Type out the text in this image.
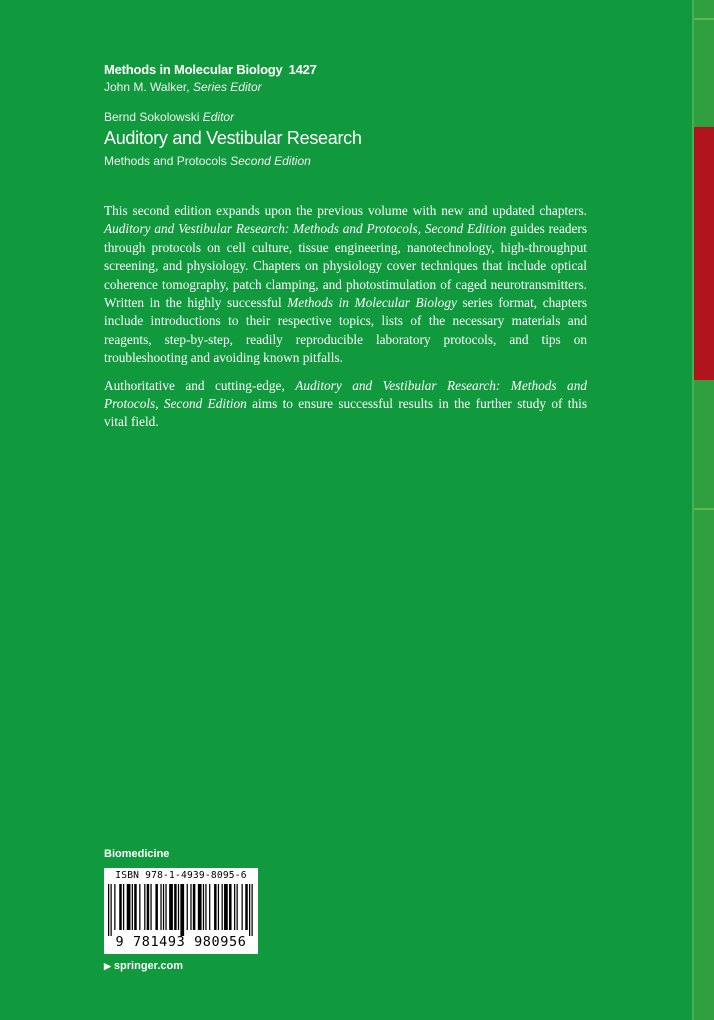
Methods in Molecular Biology 1427
John M. Walker, Series Editor
Bernd Sokolowski Editor
Auditory and Vestibular Research
Methods and Protocols Second Edition

This second edition expands upon the previous volume with new and updated chapters. Auditory and Vestibular Research: Methods and Protocols, Second Edition guides readers through protocols on cell culture, tissue engineering, nanotechnology, high-throughput screening, and physiology. Chapters on physiology cover techniques that include optical coherence tomography, patch clamping, and photostimulation of caged neurotransmitters. Written in the highly successful Methods in Molecular Biology series format, chapters include introductions to their respective topics, lists of the necessary materials and reagents, step-by-step, readily reproducible laboratory protocols, and tips on troubleshooting and avoiding known pitfalls.

Authoritative and cutting-edge, Auditory and Vestibular Research: Methods and Protocols, Second Edition aims to ensure successful results in the further study of this vital field.

Biomedicine
ISBN 978-1-4939-8095-6
9 781493 980956
▶ springer.com
